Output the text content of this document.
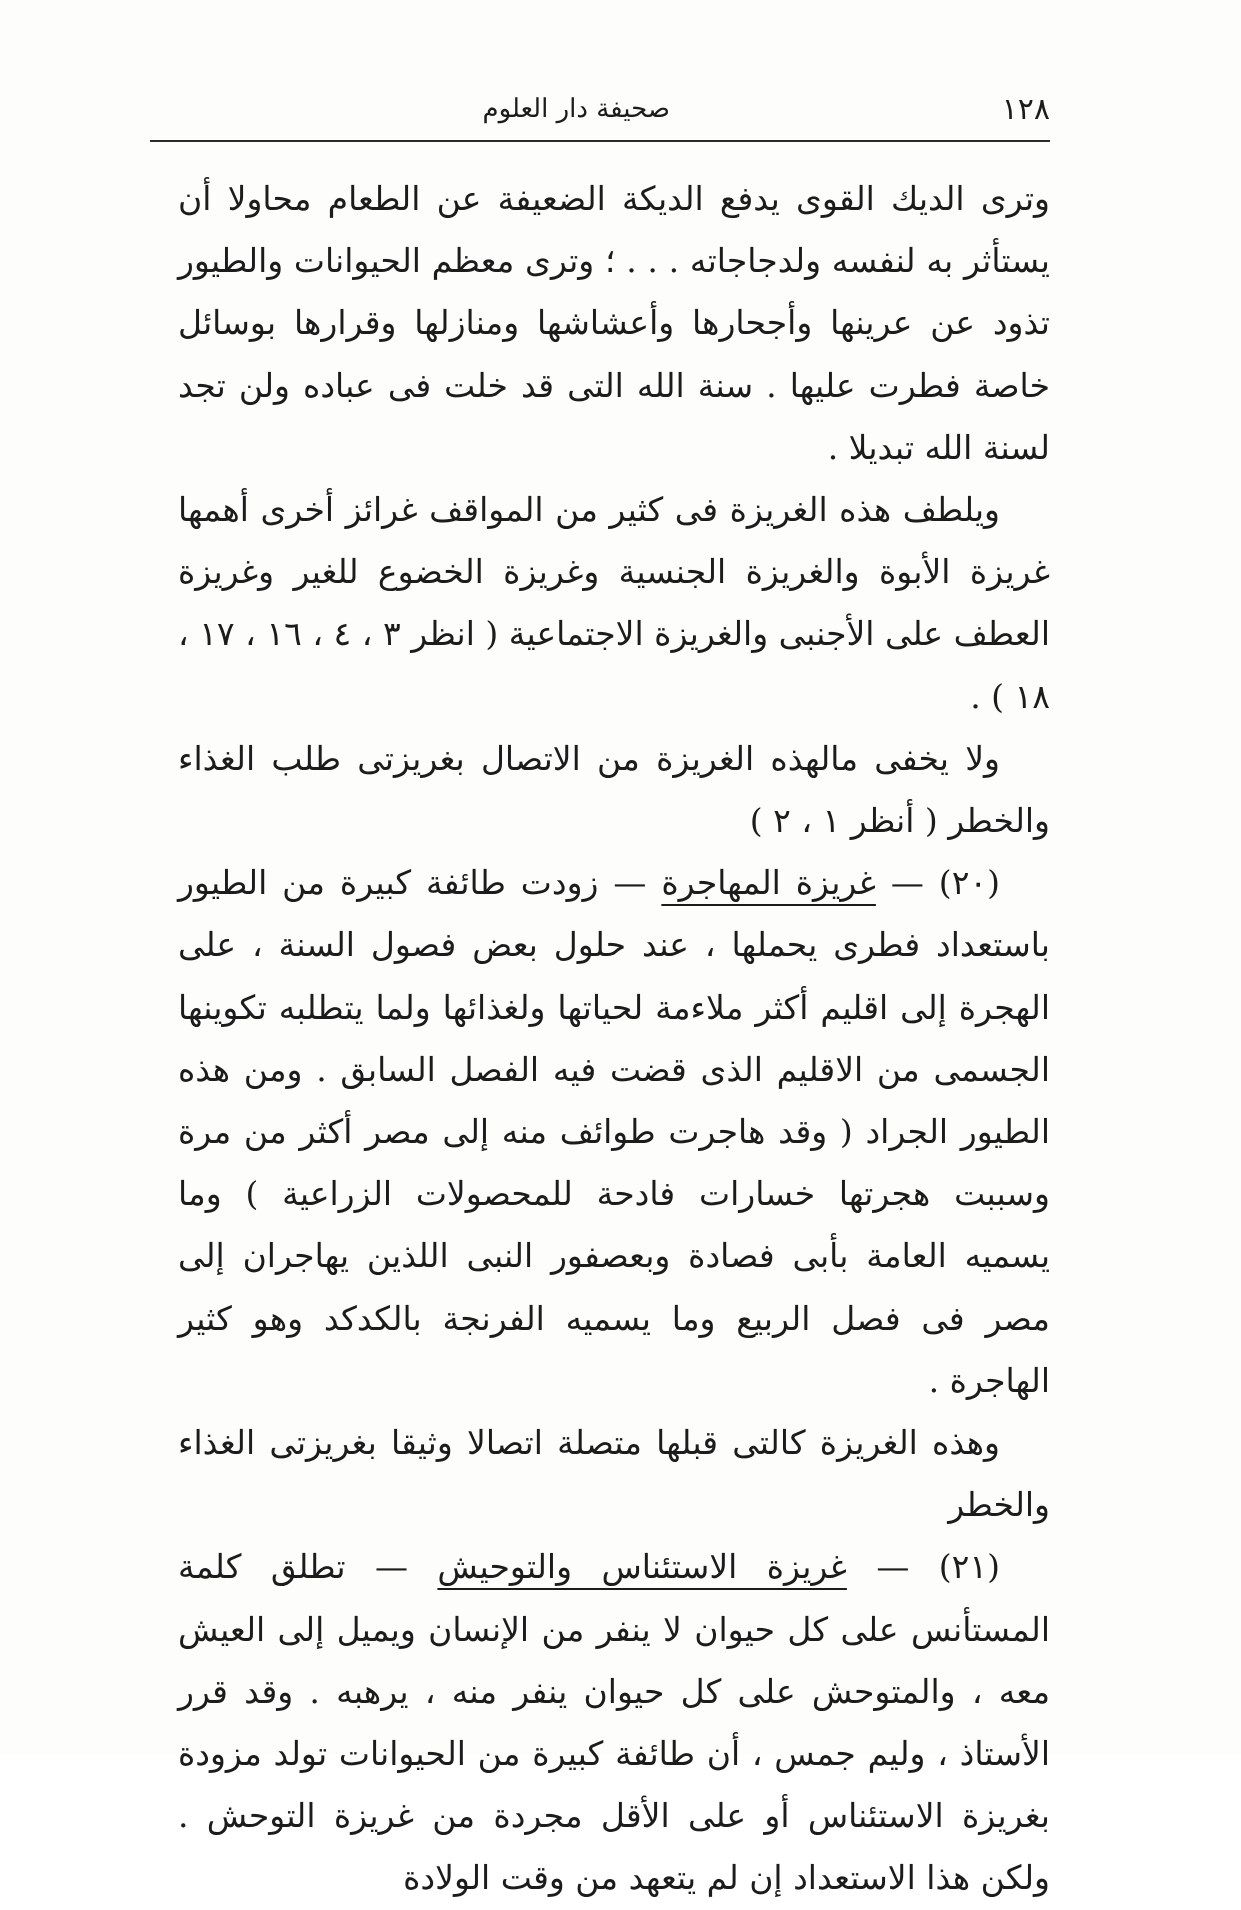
١٢٨
صحيفة دار العلوم

وترى الديك القوى يدفع الديكة الضعيفة عن الطعام محاولا أن يستأثر به لنفسه ولدجاجاته . . . ؛ وترى معظم الحيوانات والطيور تذود عن عرينها وأجحارها وأعشاشها ومنازلها وقرارها بوسائل خاصة فطرت عليها . سنة الله التى قد خلت فى عباده ولن تجد لسنة الله تبديلا .

ويلطف هذه الغريزة فى كثير من المواقف غرائز أخرى أهمها غريزة الأبوة والغريزة الجنسية وغريزة الخضوع للغير وغريزة العطف على الأجنبى والغريزة الاجتماعية ( انظر ٣ ، ٤ ، ١٦ ، ١٧ ، ١٨ ) .

ولا يخفى مالهذه الغريزة من الاتصال بغريزتى طلب الغذاء والخطر ( أنظر ١ ، ٢ )

(٢٠) — غريزة المهاجرة — زودت طائفة كبيرة من الطيور باستعداد فطرى يحملها ، عند حلول بعض فصول السنة ، على الهجرة إلى اقليم أكثر ملاءمة لحياتها ولغذائها ولما يتطلبه تكوينها الجسمى من الاقليم الذى قضت فيه الفصل السابق . ومن هذه الطيور الجراد ( وقد هاجرت طوائف منه إلى مصر أكثر من مرة وسببت هجرتها خسارات فادحة للمحصولات الزراعية ) وما يسميه العامة بأبى فصادة وبعصفور النبى اللذين يهاجران إلى مصر فى فصل الربيع وما يسميه الفرنجة بالكدكد وهو كثير الهاجرة .

وهذه الغريزة كالتى قبلها متصلة اتصالا وثيقا بغريزتى الغذاء والخطر

(٢١) — غريزة الاستئناس والتوحيش — تطلق كلمة المستأنس على كل حيوان لا ينفر من الإنسان ويميل إلى العيش معه ، والمتوحش على كل حيوان ينفر منه ، يرهبه . وقد قرر الأستاذ ، وليم جمس ، أن طائفة كبيرة من الحيوانات تولد مزودة بغريزة الاستئناس أو على الأقل مجردة من غريزة التوحش . ولكن هذا الاستعداد إن لم يتعهد من وقت الولادة
